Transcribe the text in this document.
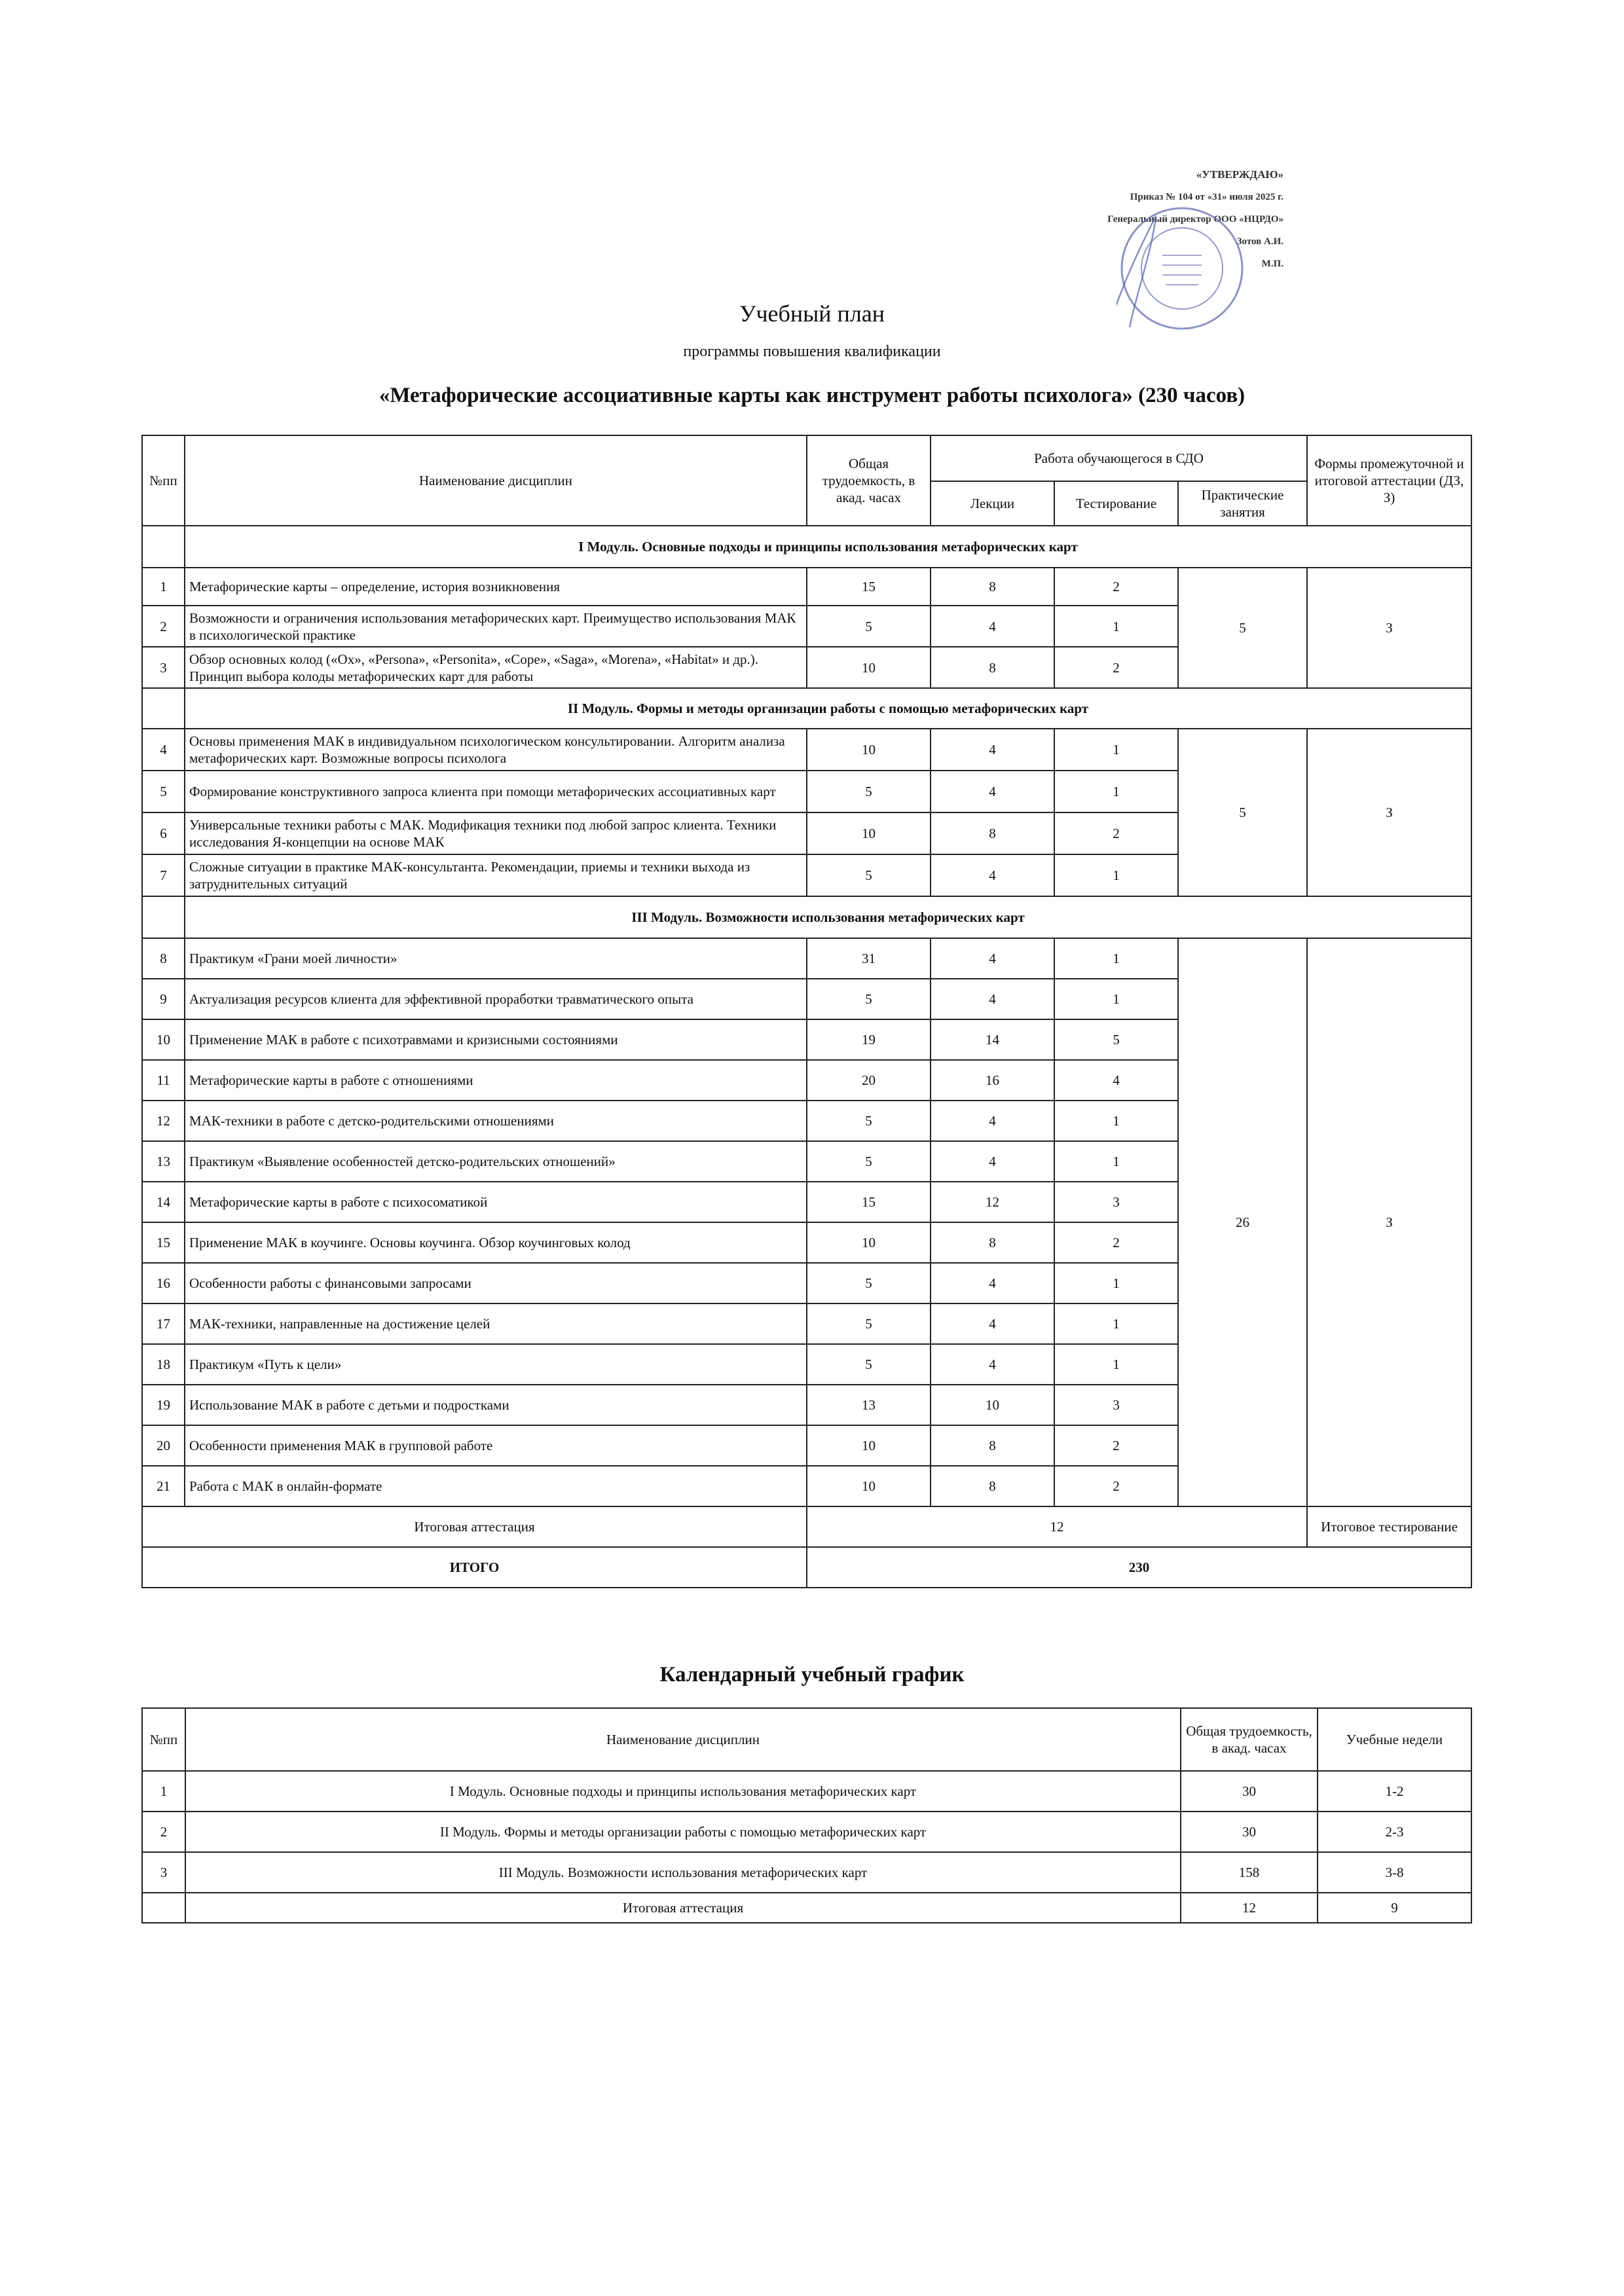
«УТВЕРЖДАЮ»
Приказ № 104 от «31» июля 2025 г.
Генеральный директор ООО «НЦРДО»
Зотов А.И.
М.П.
Учебный план
программы повышения квалификации
«Метафорические ассоциативные карты как инструмент работы психолога» (230 часов)
№пп	Наименование дисциплин	Общая трудоемкость, в акад. часах	Работа обучающегося в СДО			Формы промежуточной и итоговой аттестации (ДЗ, З)
			Лекции	Тестирование	Практические занятия	
	I Модуль. Основные подходы и принципы использования метафорических карт					
1	Метафорические карты – определение, история возникновения	15	8	2	5	З
2	Возможности и ограничения использования метафорических карт. Преимущество использования МАК в психологической практике	5	4	1		
3	Обзор основных колод («Ох», «Persona», «Personita», «Соре», «Saga», «Morena», «Habitat» и др.). Принцип выбора колоды метафорических карт для работы	10	8	2		
	II Модуль. Формы и методы организации работы с помощью метафорических карт					
4	Основы применения МАК в индивидуальном психологическом консультировании. Алгоритм анализа метафорических карт. Возможные вопросы психолога	10	4	1	5	З
5	Формирование конструктивного запроса клиента при помощи метафорических ассоциативных карт	5	4	1		
6	Универсальные техники работы с МАК. Модификация техники под любой запрос клиента. Техники исследования Я-концепции на основе МАК	10	8	2		
7	Сложные ситуации в практике МАК-консультанта. Рекомендации, приемы и техники выхода из затруднительных ситуаций	5	4	1		
	III Модуль. Возможности использования метафорических карт					
8	Практикум «Грани моей личности»	31	4	1	26	З
9	Актуализация ресурсов клиента для эффективной проработки травматического опыта	5	4	1		
10	Применение МАК в работе с психотравмами и кризисными состояниями	19	14	5		
11	Метафорические карты в работе с отношениями	20	16	4		
12	МАК-техники в работе с детско-родительскими отношениями	5	4	1		
13	Практикум «Выявление особенностей детско-родительских отношений»	5	4	1		
14	Метафорические карты в работе с психосоматикой	15	12	3		
15	Применение МАК в коучинге. Основы коучинга. Обзор коучинговых колод	10	8	2		
16	Особенности работы с финансовыми запросами	5	4	1		
17	МАК-техники, направленные на достижение целей	5	4	1		
18	Практикум «Путь к цели»	5	4	1		
19	Использование МАК в работе с детьми и подростками	13	10	3		
20	Особенности применения МАК в групповой работе	10	8	2		
21	Работа с МАК в онлайн-формате	10	8	2		
Итоговая аттестация		12				Итоговое тестирование
ИТОГО		230				
Календарный учебный график
№пп	Наименование дисциплин	Общая трудоемкость, в акад. часах	Учебные недели
1	I Модуль. Основные подходы и принципы использования метафорических карт	30	1-2
2	II Модуль. Формы и методы организации работы с помощью метафорических карт	30	2-3
3	III Модуль. Возможности использования метафорических карт	158	3-8
	Итоговая аттестация	12	9
